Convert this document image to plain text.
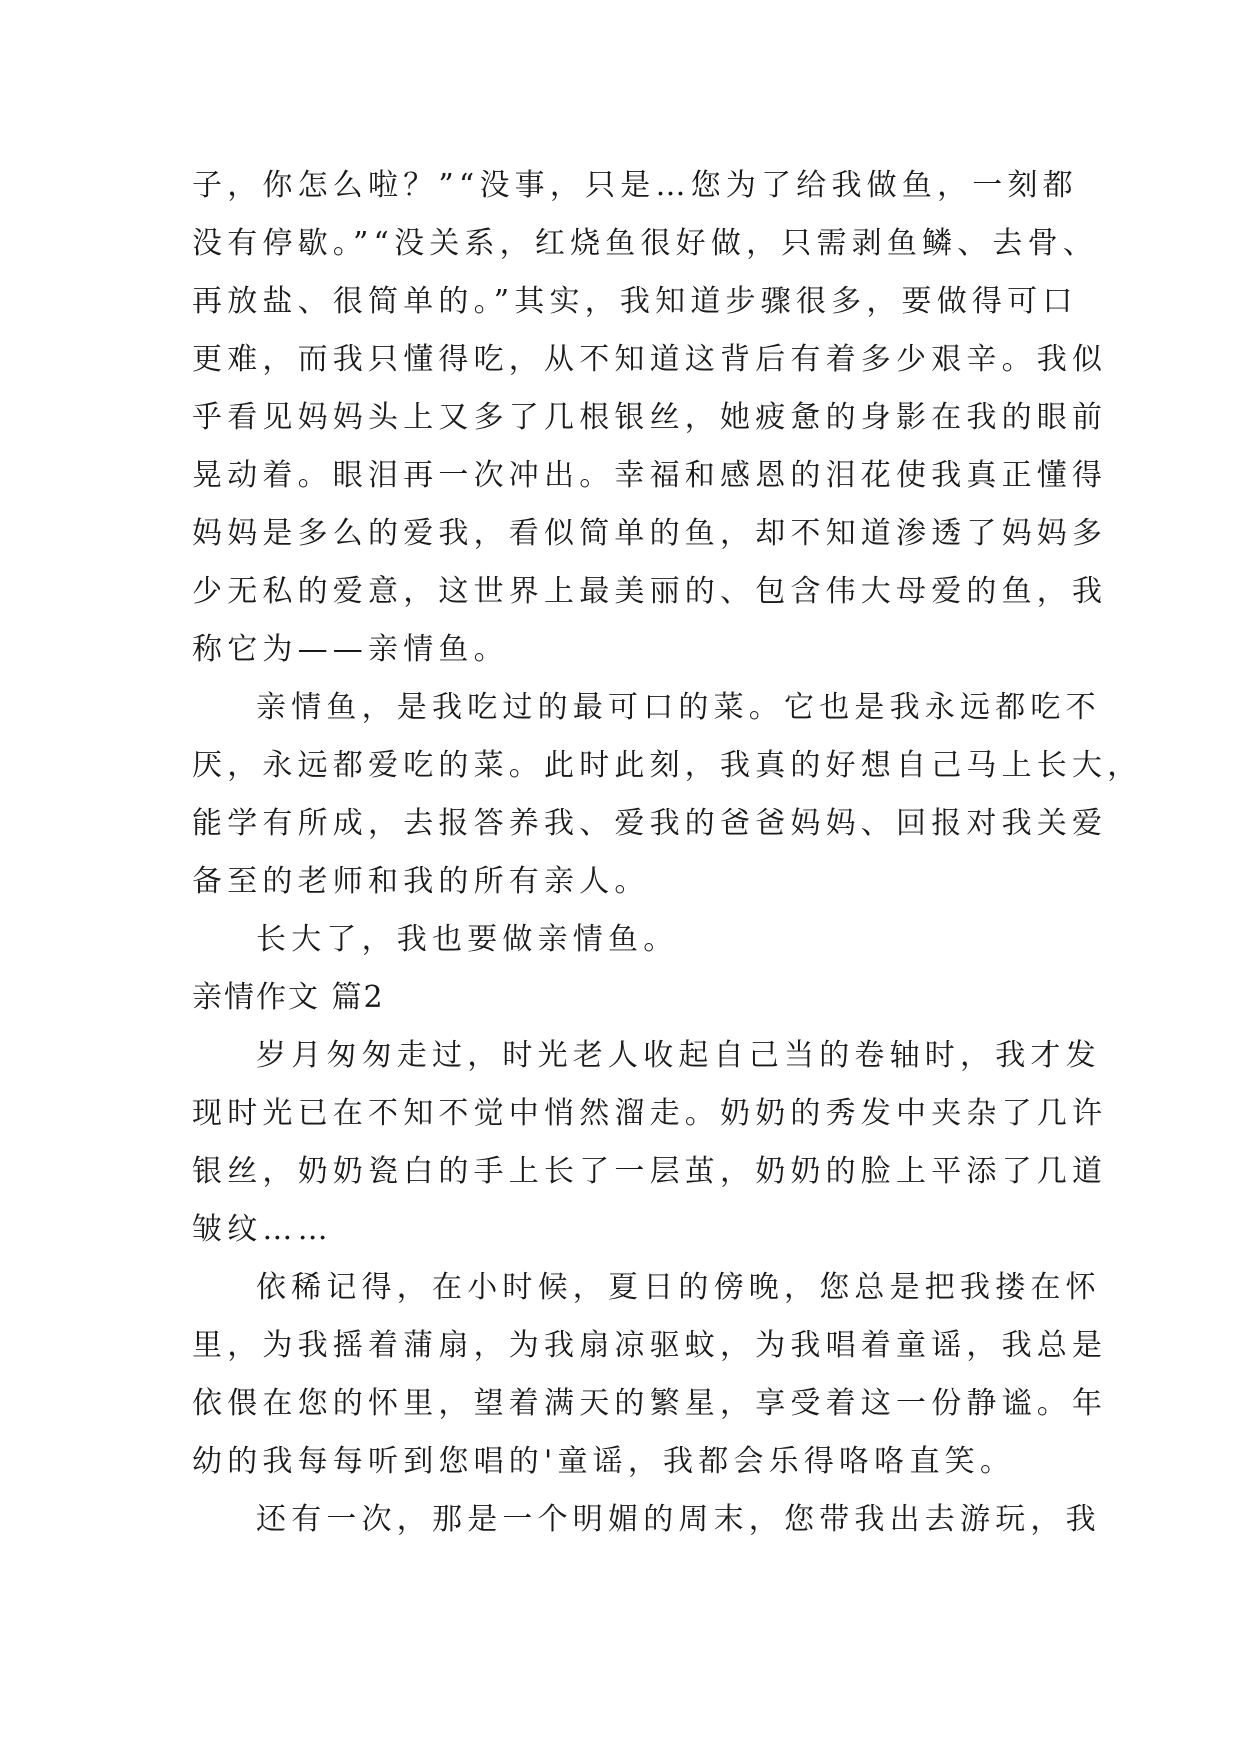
子，你怎么啦？”“没事，只是…您为了给我做鱼，一刻都
没有停歇。”“没关系，红烧鱼很好做，只需剥鱼鳞、去骨、
再放盐、很简单的。”其实，我知道步骤很多，要做得可口
更难，而我只懂得吃，从不知道这背后有着多少艰辛。我似
乎看见妈妈头上又多了几根银丝，她疲惫的身影在我的眼前
晃动着。眼泪再一次冲出。幸福和感恩的泪花使我真正懂得
妈妈是多么的爱我，看似简单的鱼，却不知道渗透了妈妈多
少无私的爱意，这世界上最美丽的、包含伟大母爱的鱼，我
称它为——亲情鱼。
亲情鱼，是我吃过的最可口的菜。它也是我永远都吃不
厌，永远都爱吃的菜。此时此刻，我真的好想自己马上长大，
能学有所成，去报答养我、爱我的爸爸妈妈、回报对我关爱
备至的老师和我的所有亲人。
长大了，我也要做亲情鱼。
亲情作文 篇2
岁月匆匆走过，时光老人收起自己当的卷轴时，我才发
现时光已在不知不觉中悄然溜走。奶奶的秀发中夹杂了几许
银丝，奶奶瓷白的手上长了一层茧，奶奶的脸上平添了几道
皱纹……
依稀记得，在小时候，夏日的傍晚，您总是把我搂在怀
里，为我摇着蒲扇，为我扇凉驱蚊，为我唱着童谣，我总是
依偎在您的怀里，望着满天的繁星，享受着这一份静谧。年
幼的我每每听到您唱的'童谣，我都会乐得咯咯直笑。
还有一次，那是一个明媚的周末，您带我出去游玩，我
